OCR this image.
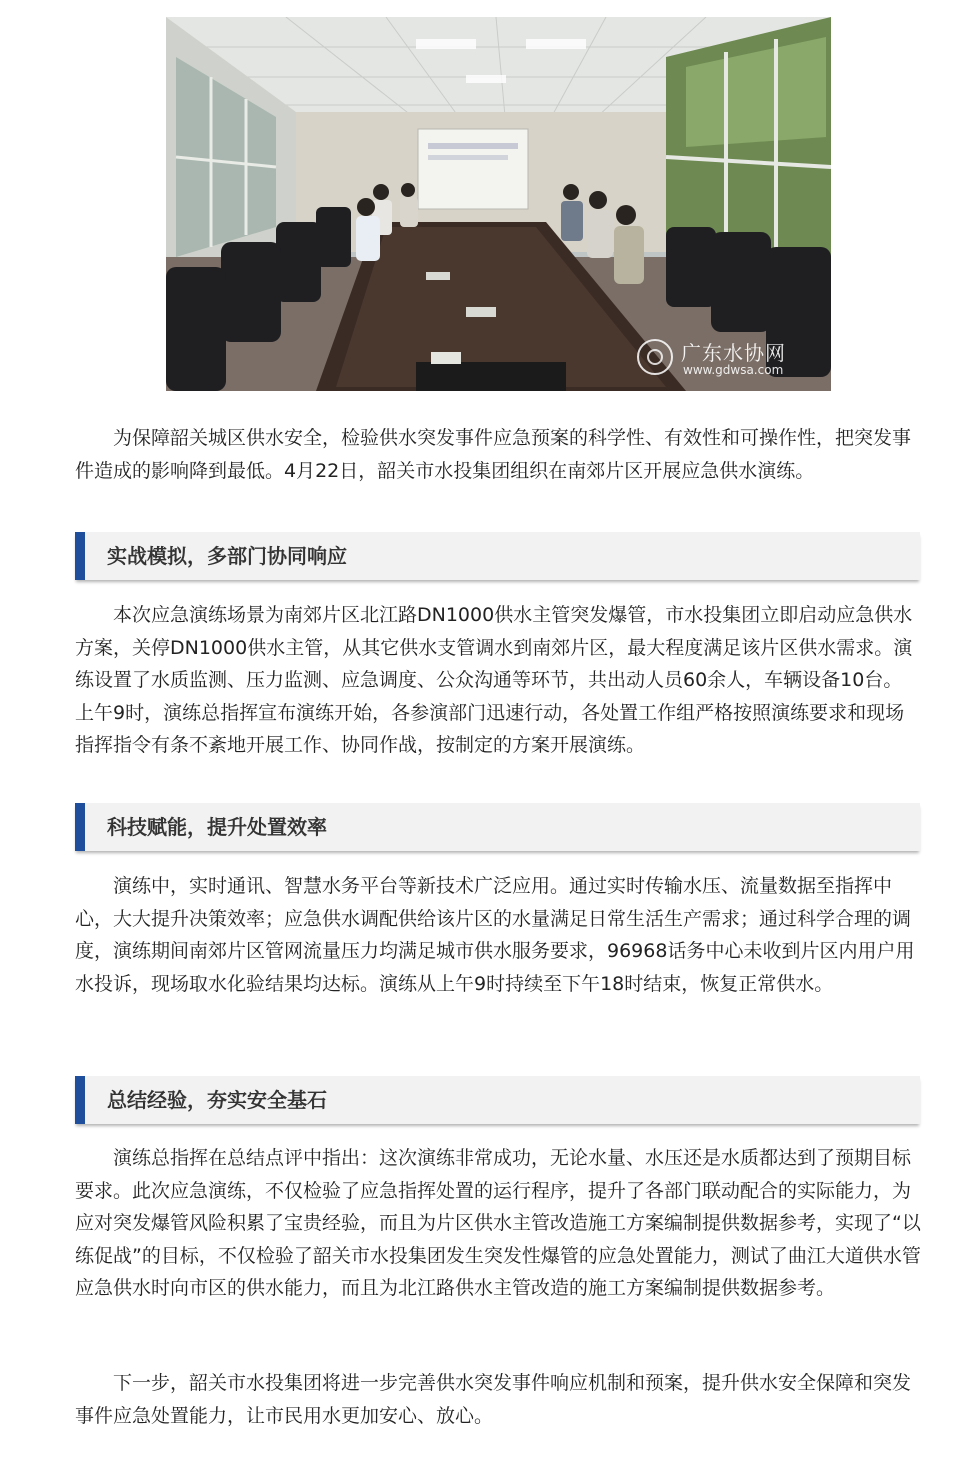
广东水协网
www.gdwsa.com

为保障韶关城区供水安全，检验供水突发事件应急预案的科学性、有效性和可操作性，把突发事件造成的影响降到最低。4月22日，韶关市水投集团组织在南郊片区开展应急供水演练。

实战模拟，多部门协同响应

本次应急演练场景为南郊片区北江路DN1000供水主管突发爆管，市水投集团立即启动应急供水方案，关停DN1000供水主管，从其它供水支管调水到南郊片区，最大程度满足该片区供水需求。演练设置了水质监测、压力监测、应急调度、公众沟通等环节，共出动人员60余人，车辆设备10台。上午9时，演练总指挥宣布演练开始，各参演部门迅速行动，各处置工作组严格按照演练要求和现场指挥指令有条不紊地开展工作、协同作战，按制定的方案开展演练。

科技赋能，提升处置效率

演练中，实时通讯、智慧水务平台等新技术广泛应用。通过实时传输水压、流量数据至指挥中心，大大提升决策效率；应急供水调配供给该片区的水量满足日常生活生产需求；通过科学合理的调度，演练期间南郊片区管网流量压力均满足城市供水服务要求，96968话务中心未收到片区内用户用水投诉，现场取水化验结果均达标。演练从上午9时持续至下午18时结束，恢复正常供水。

总结经验，夯实安全基石

演练总指挥在总结点评中指出：这次演练非常成功，无论水量、水压还是水质都达到了预期目标要求。此次应急演练，不仅检验了应急指挥处置的运行程序，提升了各部门联动配合的实际能力，为应对突发爆管风险积累了宝贵经验，而且为片区供水主管改造施工方案编制提供数据参考，实现了“以练促战”的目标，不仅检验了韶关市水投集团发生突发性爆管的应急处置能力，测试了曲江大道供水管应急供水时向市区的供水能力，而且为北江路供水主管改造的施工方案编制提供数据参考。

下一步，韶关市水投集团将进一步完善供水突发事件响应机制和预案，提升供水安全保障和突发事件应急处置能力，让市民用水更加安心、放心。
